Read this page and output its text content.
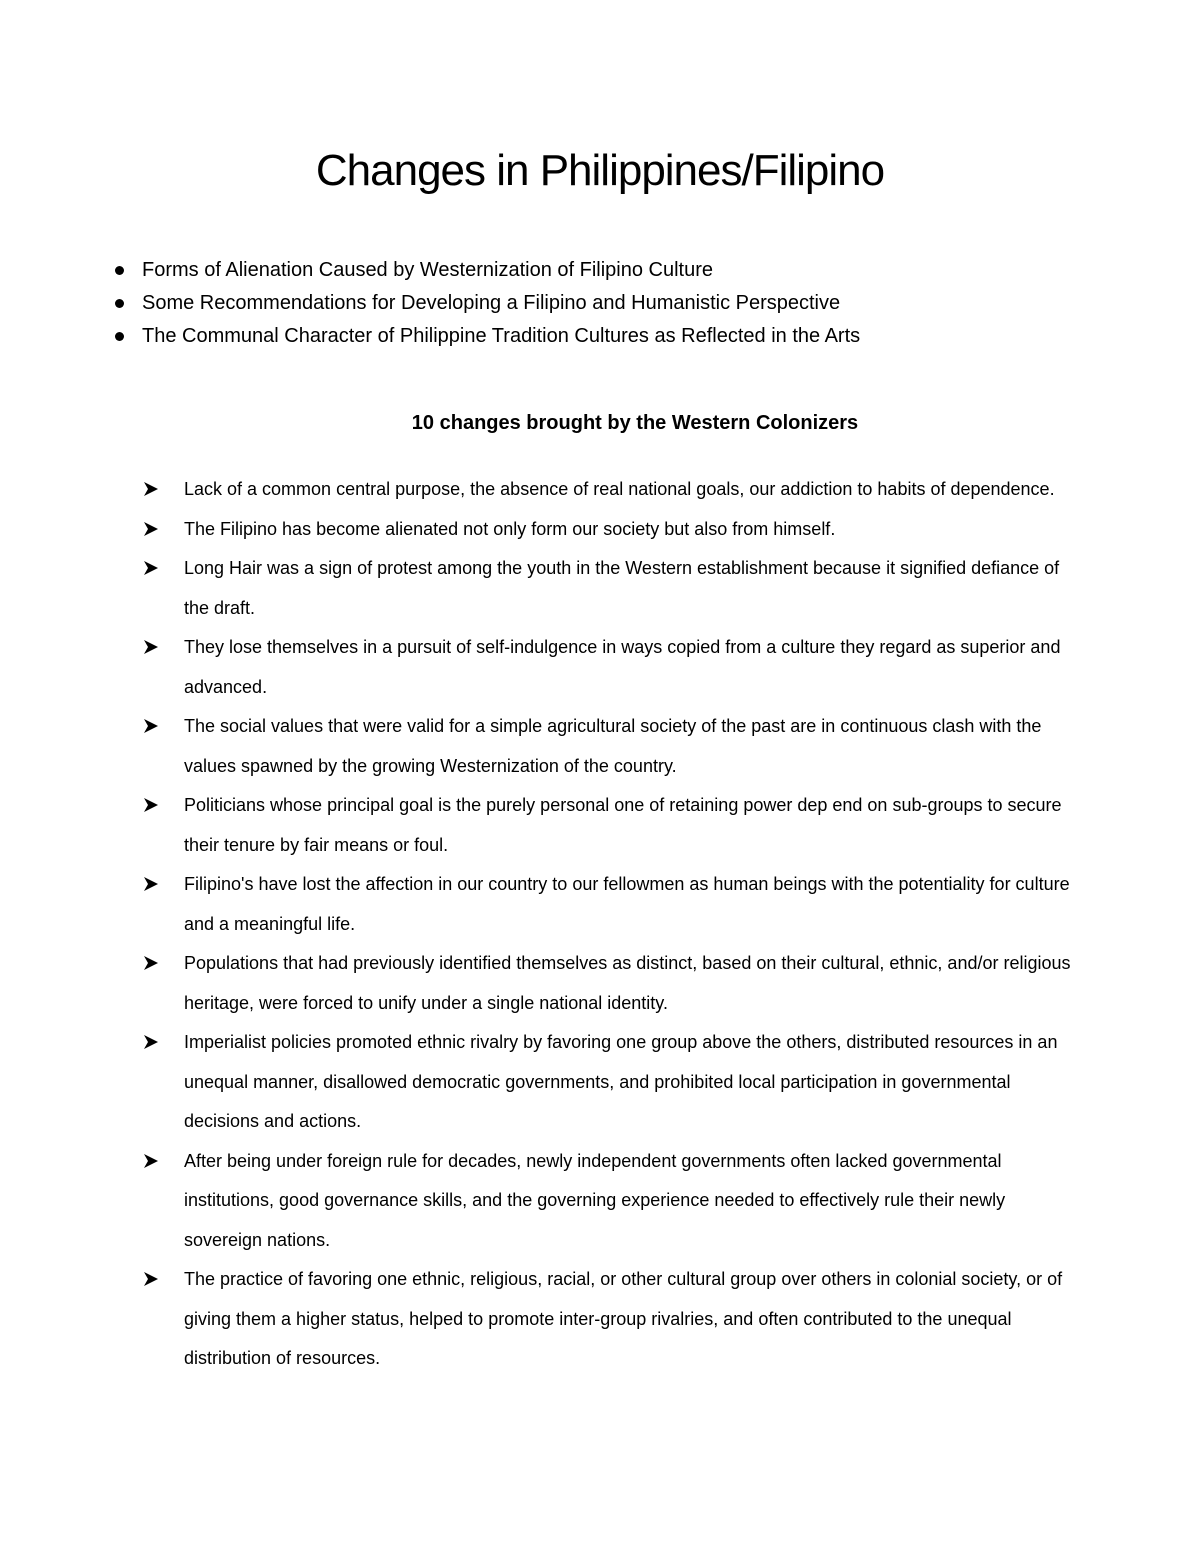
Changes in Philippines/Filipino
Forms of Alienation Caused by Westernization of Filipino Culture
Some Recommendations for Developing a Filipino and Humanistic Perspective
The Communal Character of Philippine Tradition Cultures as Reflected in the Arts
10 changes brought by the Western Colonizers
Lack of a common central purpose, the absence of real national goals, our addiction to habits of dependence.
The Filipino has become alienated not only form our society but also from himself.
Long Hair was a sign of protest among the youth in the Western establishment because it signified defiance of the draft.
They lose themselves in a pursuit of self-indulgence in ways copied from a culture they regard as superior and advanced.
The social values that were valid for a simple agricultural society of the past are in continuous clash with the values spawned by the growing Westernization of the country.
Politicians whose principal goal is the purely personal one of retaining power dep end on sub-groups to secure their tenure by fair means or foul.
Filipino's have lost the affection in our country to our fellowmen as human beings with the potentiality for culture and a meaningful life.
Populations that had previously identified themselves as distinct, based on their cultural, ethnic, and/or religious heritage, were forced to unify under a single national identity.
Imperialist policies promoted ethnic rivalry by favoring one group above the others, distributed resources in an unequal manner, disallowed democratic governments, and prohibited local participation in governmental decisions and actions.
After being under foreign rule for decades, newly independent governments often lacked governmental institutions, good governance skills, and the governing experience needed to effectively rule their newly sovereign nations.
The practice of favoring one ethnic, religious, racial, or other cultural group over others in colonial society, or of giving them a higher status, helped to promote inter-group rivalries, and often contributed to the unequal distribution of resources.
